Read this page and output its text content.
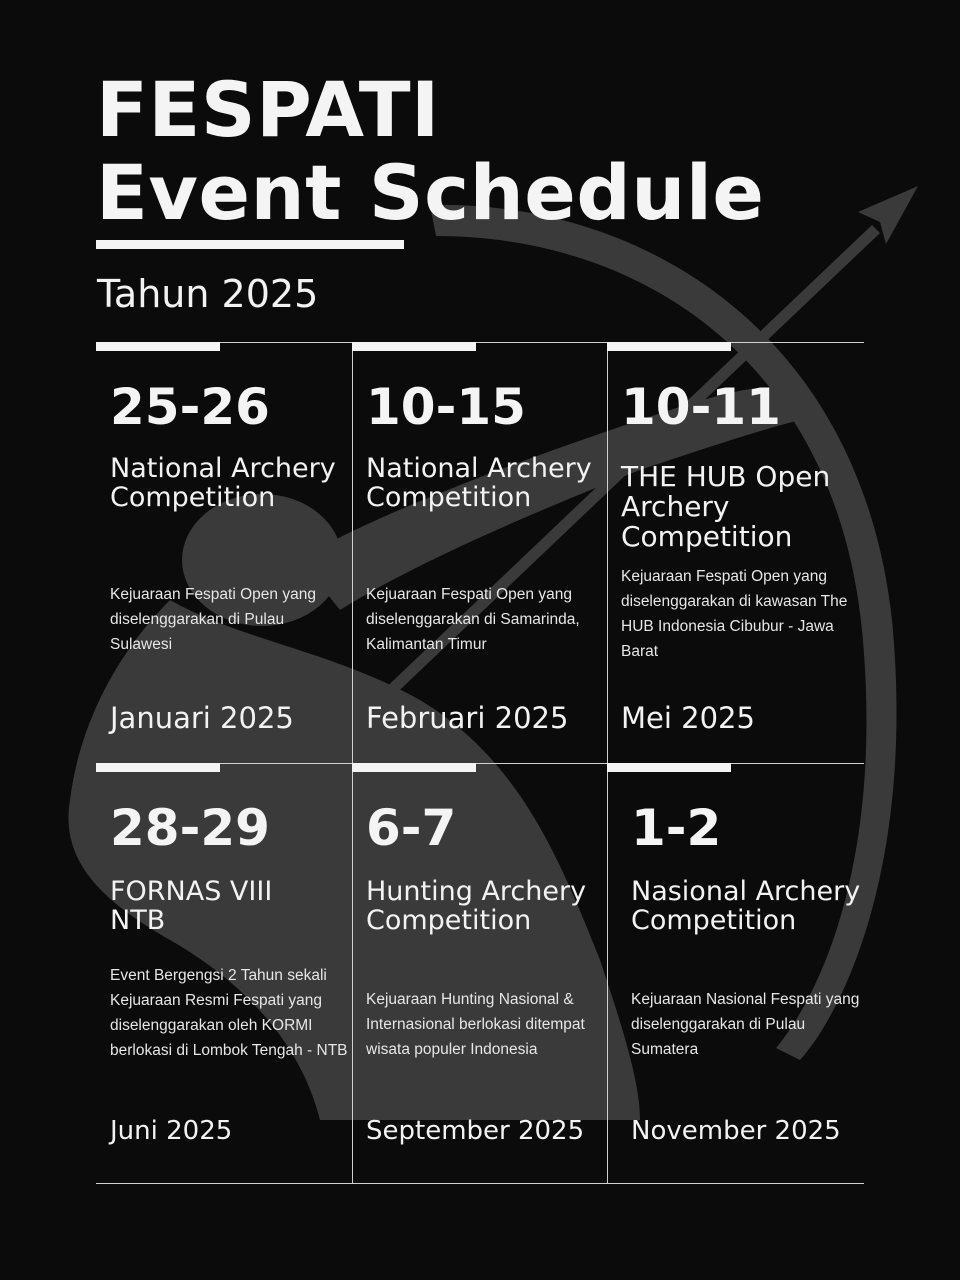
FESPATI
Event Schedule

Tahun 2025

25-26

National Archery Competition

Kejuaraan Fespati Open yang diselenggarakan di Pulau Sulawesi

Januari 2025

10-15

National Archery Competition

Kejuaraan Fespati Open yang diselenggarakan di Samarinda, Kalimantan Timur

Februari 2025

10-11

THE HUB Open Archery Competition

Kejuaraan Fespati Open yang diselenggarakan di kawasan The HUB Indonesia Cibubur - Jawa Barat

Mei 2025

28-29

FORNAS VIII NTB

Event Bergengsi 2 Tahun sekali Kejuaraan Resmi Fespati yang diselenggarakan oleh KORMI berlokasi di Lombok Tengah - NTB

Juni 2025

6-7

Hunting Archery Competition

Kejuaraan Hunting Nasional & Internasional berlokasi ditempat wisata populer Indonesia

September 2025

1-2

Nasional Archery Competition

Kejuaraan Nasional Fespati yang diselenggarakan di Pulau Sumatera

November 2025
